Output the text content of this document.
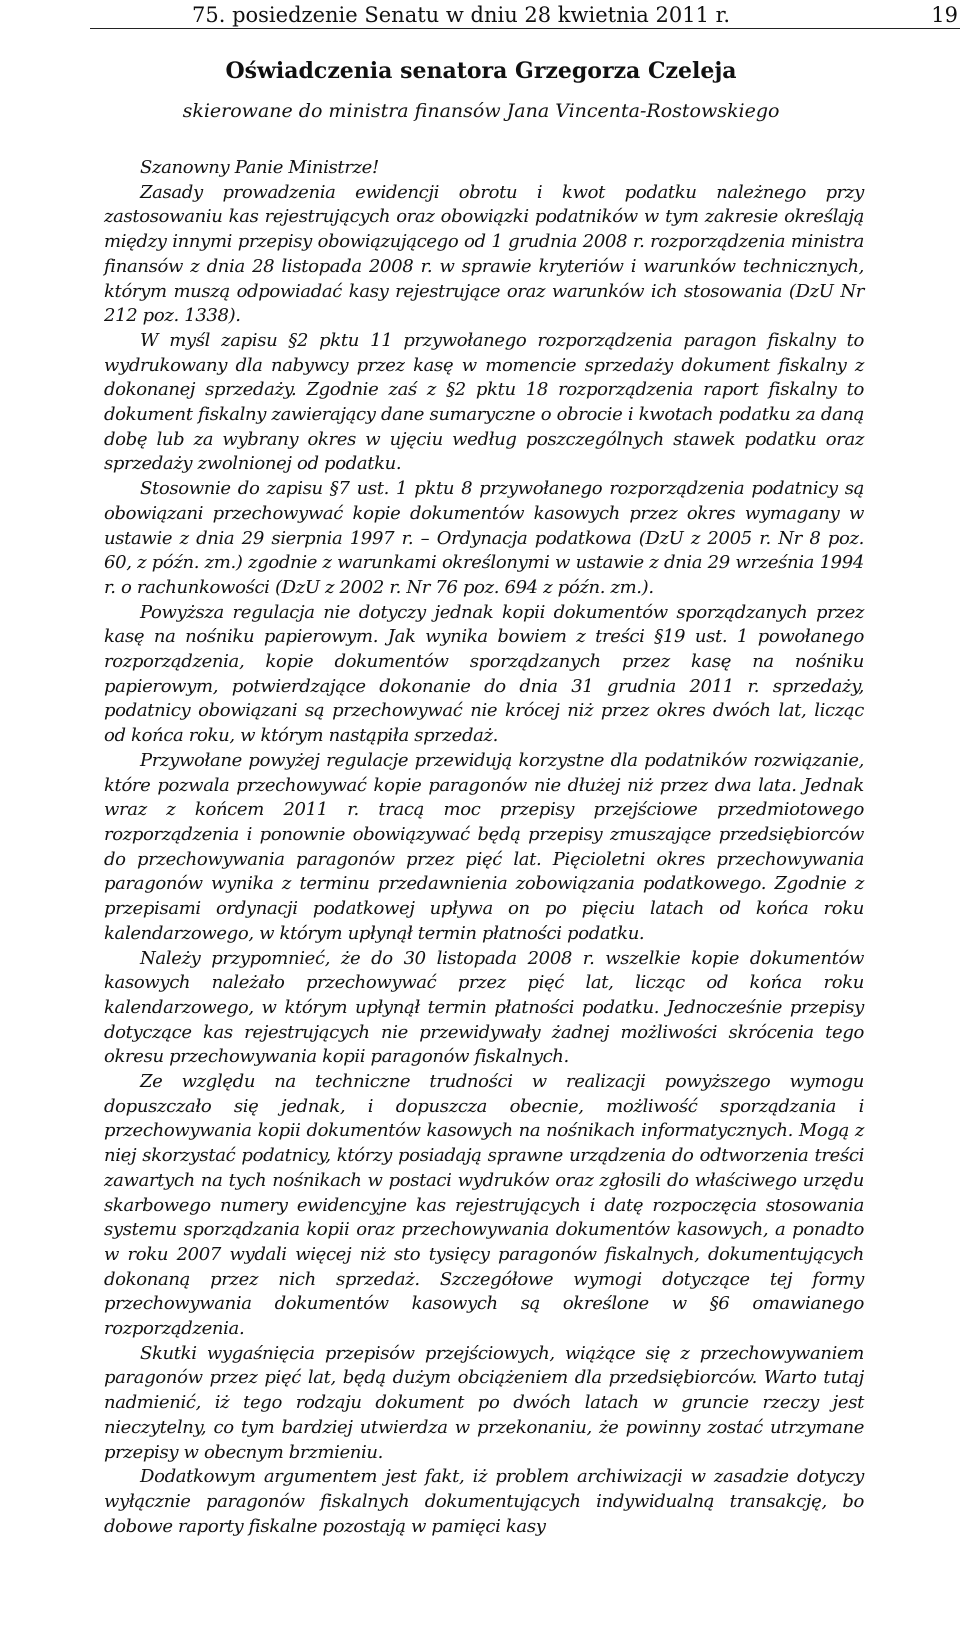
75. posiedzenie Senatu w dniu 28 kwietnia 2011 r.	19
Oświadczenia senatora Grzegorza Czeleja
skierowane do ministra finansów Jana Vincenta-Rostowskiego

Szanowny Panie Ministrze!

Zasady prowadzenia ewidencji obrotu i kwot podatku należnego przy zastosowaniu kas rejestrujących oraz obowiązki podatników w tym zakresie określają między innymi przepisy obowiązującego od 1 grudnia 2008 r. rozporządzenia ministra finansów z dnia 28 listopada 2008 r. w sprawie kryteriów i warunków technicznych, którym muszą odpowiadać kasy rejestrujące oraz warunków ich stosowania (DzU Nr 212 poz. 1338).

W myśl zapisu §2 pktu 11 przywołanego rozporządzenia paragon fiskalny to wydrukowany dla nabywcy przez kasę w momencie sprzedaży dokument fiskalny z dokonanej sprzedaży. Zgodnie zaś z §2 pktu 18 rozporządzenia raport fiskalny to dokument fiskalny zawierający dane sumaryczne o obrocie i kwotach podatku za daną dobę lub za wybrany okres w ujęciu według poszczególnych stawek podatku oraz sprzedaży zwolnionej od podatku.

Stosownie do zapisu §7 ust. 1 pktu 8 przywołanego rozporządzenia podatnicy są obowiązani przechowywać kopie dokumentów kasowych przez okres wymagany w ustawie z dnia 29 sierpnia 1997 r. – Ordynacja podatkowa (DzU z 2005 r. Nr 8 poz. 60, z późn. zm.) zgodnie z warunkami określonymi w ustawie z dnia 29 września 1994 r. o rachunkowości (DzU z 2002 r. Nr 76 poz. 694 z późn. zm.).

Powyższa regulacja nie dotyczy jednak kopii dokumentów sporządzanych przez kasę na nośniku papierowym. Jak wynika bowiem z treści §19 ust. 1 powołanego rozporządzenia, kopie dokumentów sporządzanych przez kasę na nośniku papierowym, potwierdzające dokonanie do dnia 31 grudnia 2011 r. sprzedaży, podatnicy obowiązani są przechowywać nie krócej niż przez okres dwóch lat, licząc od końca roku, w którym nastąpiła sprzedaż.

Przywołane powyżej regulacje przewidują korzystne dla podatników rozwiązanie, które pozwala przechowywać kopie paragonów nie dłużej niż przez dwa lata. Jednak wraz z końcem 2011 r. tracą moc przepisy przejściowe przedmiotowego rozporządzenia i ponownie obowiązywać będą przepisy zmuszające przedsiębiorców do przechowywania paragonów przez pięć lat. Pięcioletni okres przechowywania paragonów wynika z terminu przedawnienia zobowiązania podatkowego. Zgodnie z przepisami ordynacji podatkowej upływa on po pięciu latach od końca roku kalendarzowego, w którym upłynął termin płatności podatku.

Należy przypomnieć, że do 30 listopada 2008 r. wszelkie kopie dokumentów kasowych należało przechowywać przez pięć lat, licząc od końca roku kalendarzowego, w którym upłynął termin płatności podatku. Jednocześnie przepisy dotyczące kas rejestrujących nie przewidywały żadnej możliwości skrócenia tego okresu przechowywania kopii paragonów fiskalnych.

Ze względu na techniczne trudności w realizacji powyższego wymogu dopuszczało się jednak, i dopuszcza obecnie, możliwość sporządzania i przechowywania kopii dokumentów kasowych na nośnikach informatycznych. Mogą z niej skorzystać podatnicy, którzy posiadają sprawne urządzenia do odtworzenia treści zawartych na tych nośnikach w postaci wydruków oraz zgłosili do właściwego urzędu skarbowego numery ewidencyjne kas rejestrujących i datę rozpoczęcia stosowania systemu sporządzania kopii oraz przechowywania dokumentów kasowych, a ponadto w roku 2007 wydali więcej niż sto tysięcy paragonów fiskalnych, dokumentujących dokonaną przez nich sprzedaż. Szczegółowe wymogi dotyczące tej formy przechowywania dokumentów kasowych są określone w §6 omawianego rozporządzenia.

Skutki wygaśnięcia przepisów przejściowych, wiążące się z przechowywaniem paragonów przez pięć lat, będą dużym obciążeniem dla przedsiębiorców. Warto tutaj nadmienić, iż tego rodzaju dokument po dwóch latach w gruncie rzeczy jest nieczytelny, co tym bardziej utwierdza w przekonaniu, że powinny zostać utrzymane przepisy w obecnym brzmieniu.

Dodatkowym argumentem jest fakt, iż problem archiwizacji w zasadzie dotyczy wyłącznie paragonów fiskalnych dokumentujących indywidualną transakcję, bo dobowe raporty fiskalne pozostają w pamięci kasy
